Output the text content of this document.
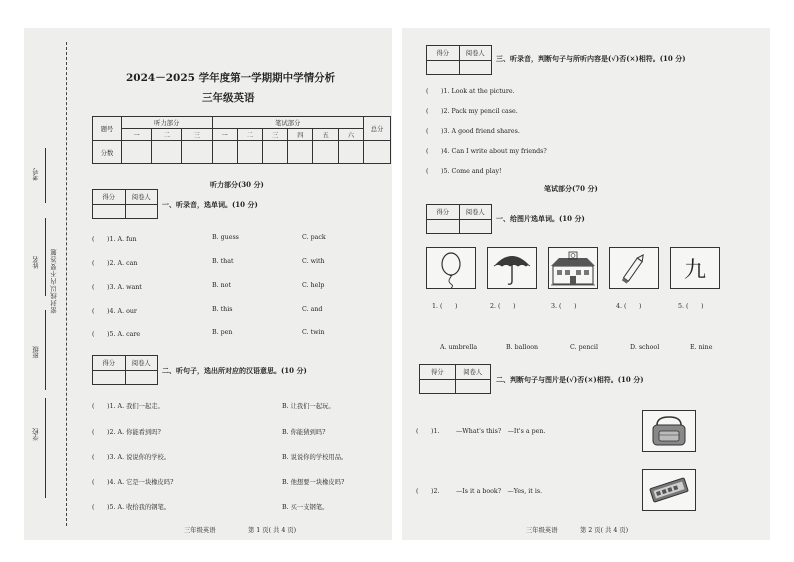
考号
姓名 密封线以内不要答题
班级
学校
2024－2025 学年度第一学期期中学情分析
三年级英语
题号	听力部分			笔试部分						总分
	一	二	三	一	二	三	四	五	六	
分数										
听力部分(30 分)
得分	阅卷人
一、听录音，选单词。(10 分)
(　　)1. A. fun	B. guess	C. pack
(　　)2. A. can	B. that	C. with
(　　)3. A. want	B. not	C. help
(　　)4. A. our	B. this	C. and
(　　)5. A. care	B. pen	C. twin
得分	阅卷人
二、听句子，选出所对应的汉语意思。(10 分)
(　　)1. A. 我们一起走。	B. 让我们一起玩。
(　　)2. A. 你能看到吗?	B. 你能猜到吗?
(　　)3. A. 说说你的学校。	B. 说说你的学校用品。
(　　)4. A. 它是一块橡皮吗?	B. 他想要一块橡皮吗?
(　　)5. A. 收拾我的钢笔。	B. 买一支钢笔。
三年级英语	第 1 页( 共 4 页)
得分	阅卷人
三、听录音，判断句子与所听内容是(√)否(×)相符。(10 分)
(　　)1. Look at the picture.
(　　)2. Pack my pencil case.
(　　)3. A good friend shares.
(　　)4. Can I write about my friends?
(　　)5. Come and play!
笔试部分(70 分)
得分	阅卷人
一、给图片选单词。(10 分)
九
1. (　　)	2. (　　)	3. (　　)	4. (　　)	5. (　　)
A. umbrella	B. balloon	C. pencil	D. school	E. nine
得分	阅卷人
二、判断句子与图片是(√)否(×)相符。(10 分)
(　　)1.	—What's this?　—It's a pen.
(　　)2.	—Is it a book?　—Yes, it is.
三年级英语	第 2 页( 共 4 页)
